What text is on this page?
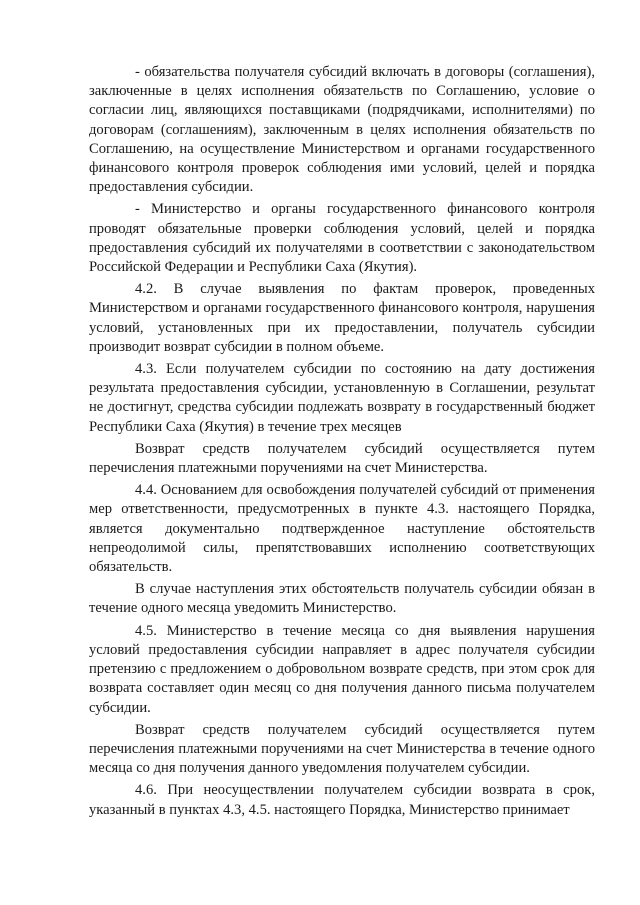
- обязательства получателя субсидий включать в договоры (соглашения), заключенные в целях исполнения обязательств по Соглашению, условие о согласии лиц, являющихся поставщиками (подрядчиками, исполнителями) по договорам (соглашениям), заключенным в целях исполнения обязательств по Соглашению, на осуществление Министерством и органами государственного финансового контроля проверок соблюдения ими условий, целей и порядка предоставления субсидии.

- Министерство и органы государственного финансового контроля проводят обязательные проверки соблюдения условий, целей и порядка предоставления субсидий их получателями в соответствии с законодательством Российской Федерации и Республики Саха (Якутия).

4.2. В случае выявления по фактам проверок, проведенных Министерством и органами государственного финансового контроля, нарушения условий, установленных при их предоставлении, получатель субсидии производит возврат субсидии в полном объеме.

4.3. Если получателем субсидии по состоянию на дату достижения результата предоставления субсидии, установленную в Соглашении, результат не достигнут, средства субсидии подлежать возврату в государственный бюджет Республики Саха (Якутия) в течение трех месяцев

Возврат средств получателем субсидий осуществляется путем перечисления платежными поручениями на счет Министерства.

4.4. Основанием для освобождения получателей субсидий от применения мер ответственности, предусмотренных в пункте 4.3. настоящего Порядка, является документально подтвержденное наступление обстоятельств непреодолимой силы, препятствовавших исполнению соответствующих обязательств.

В случае наступления этих обстоятельств получатель субсидии обязан в течение одного месяца уведомить Министерство.

4.5. Министерство в течение месяца со дня выявления нарушения условий предоставления субсидии направляет в адрес получателя субсидии претензию с предложением о добровольном возврате средств, при этом срок для возврата составляет один месяц со дня получения данного письма получателем субсидии.

Возврат средств получателем субсидий осуществляется путем перечисления платежными поручениями на счет Министерства в течение одного месяца со дня получения данного уведомления получателем субсидии.

4.6. При неосуществлении получателем субсидии возврата в срок, указанный в пунктах 4.3, 4.5. настоящего Порядка, Министерство принимает
